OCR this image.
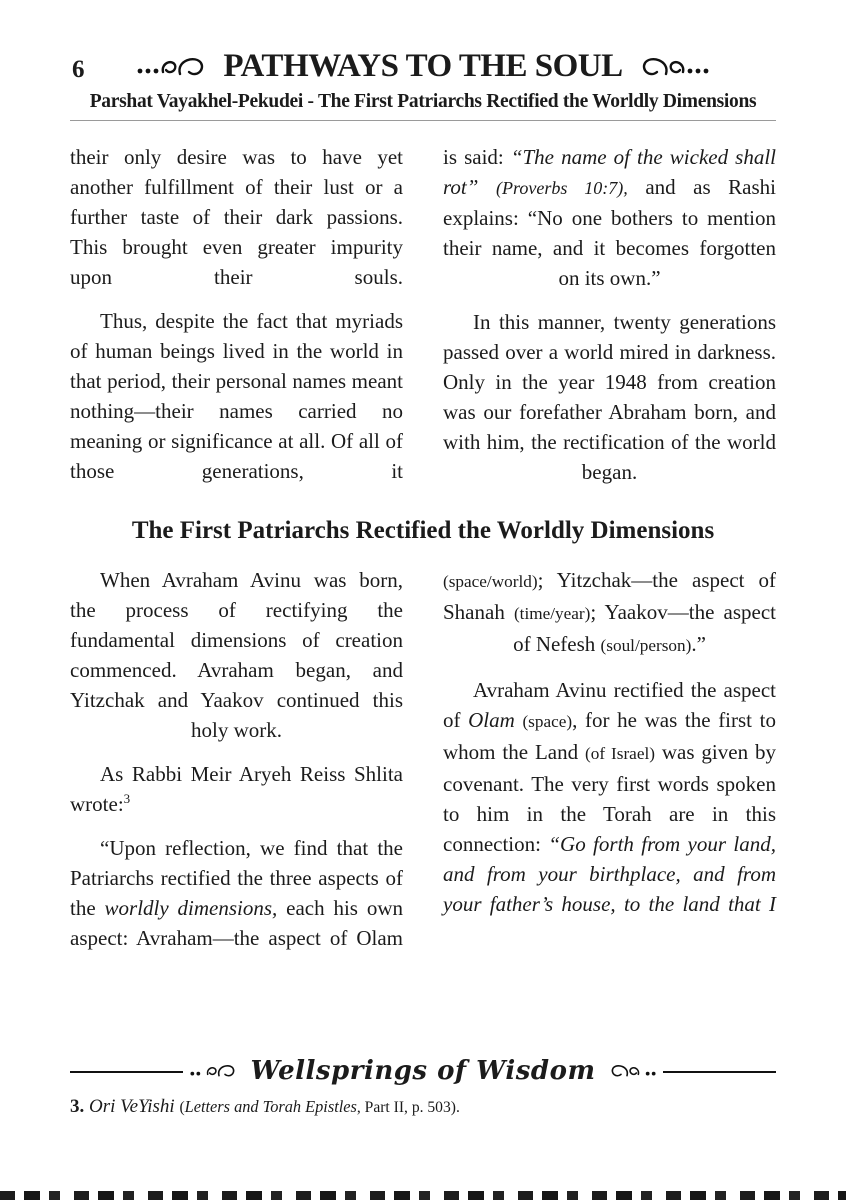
6	PATHWAYS TO THE SOUL
Parshat Vayakhel-Pekudei - The First Patriarchs Rectified the Worldly Dimensions

their only desire was to have yet another fulfillment of their lust or a further taste of their dark passions. This brought even greater impurity upon their souls.

Thus, despite the fact that myriads of human beings lived in the world in that period, their personal names meant nothing—their names carried no meaning or significance at all. Of all of those generations, it

is said: “The name of the wicked shall rot” (Proverbs 10:7), and as Rashi explains: “No one bothers to mention their name, and it becomes forgotten on its own.”

In this manner, twenty generations passed over a world mired in darkness. Only in the year 1948 from creation was our forefather Abraham born, and with him, the rectification of the world began.

The First Patriarchs Rectified the Worldly Dimensions

When Avraham Avinu was born, the process of rectifying the fundamental dimensions of creation commenced. Avraham began, and Yitzchak and Yaakov continued this holy work.

As Rabbi Meir Aryeh Reiss Shlita wrote:$^3$

“Upon reflection, we find that the Patriarchs rectified the three aspects of the worldly dimensions, each his own aspect: Avraham—the aspect of Olam

(space/world); Yitzchak—the aspect of Shanah (time/year); Yaakov—the aspect of Nefesh (soul/person).”

Avraham Avinu rectified the aspect of Olam (space), for he was the first to whom the Land (of Israel) was given by covenant. The very first words spoken to him in the Torah are in this connection: “Go forth from your land, and from your birthplace, and from your father’s house, to the land that I

Wellsprings of Wisdom
3. Ori VeYishi (Letters and Torah Epistles, Part II, p. 503).
